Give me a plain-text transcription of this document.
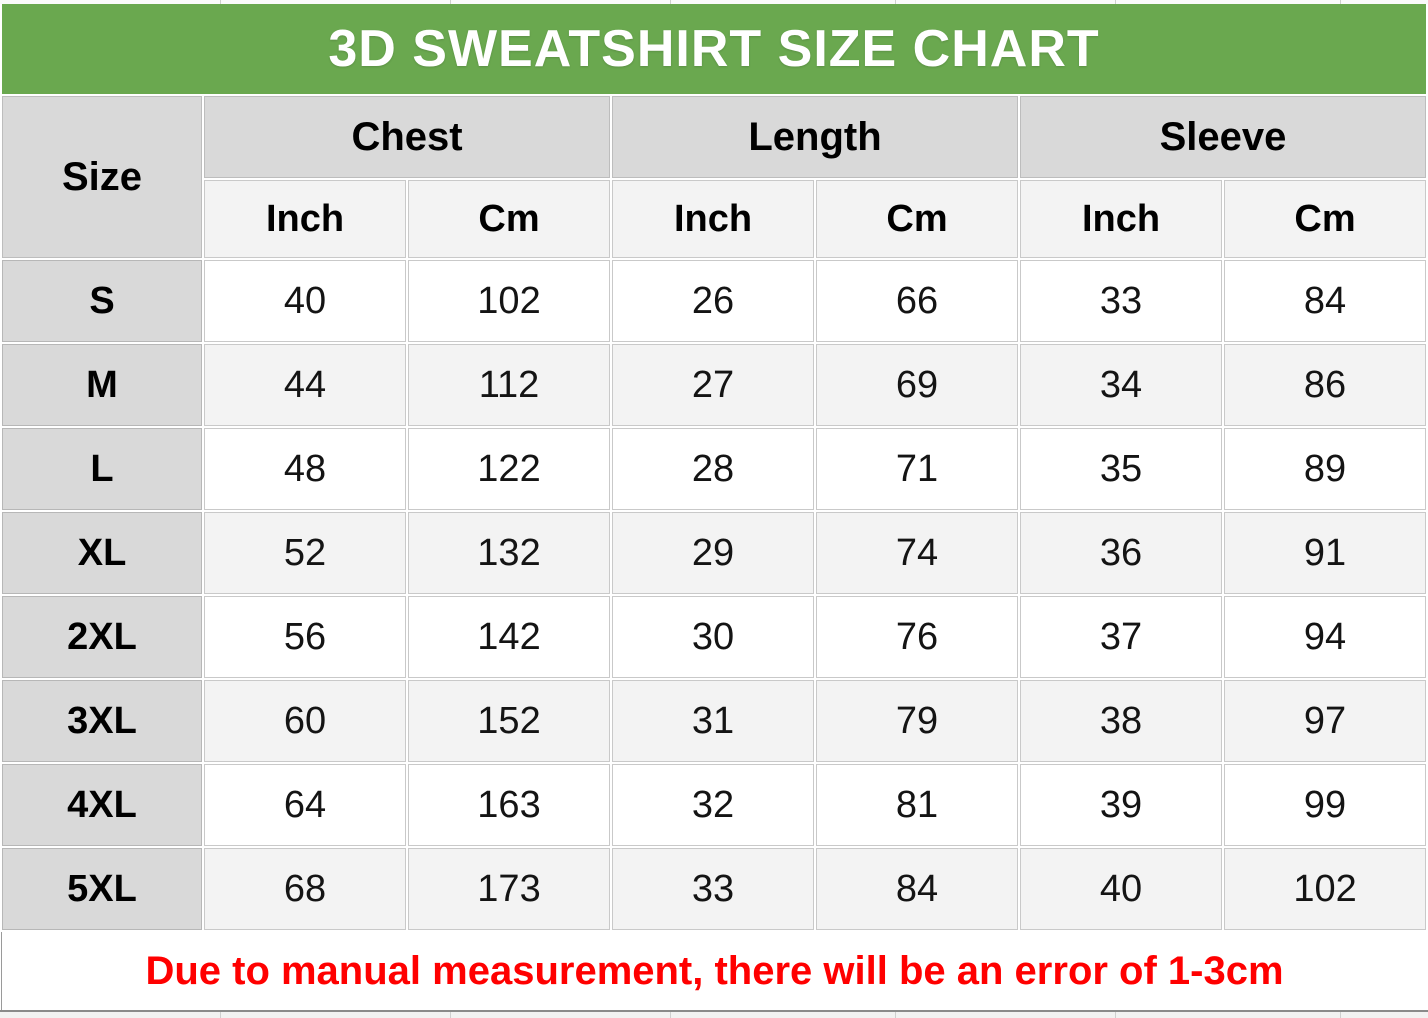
3D SWEATSHIRT SIZE CHART
Size	Chest		Length		Sleeve	
	Inch	Cm	Inch	Cm	Inch	Cm
S	40	102	26	66	33	84
M	44	112	27	69	34	86
L	48	122	28	71	35	89
XL	52	132	29	74	36	91
2XL	56	142	30	76	37	94
3XL	60	152	31	79	38	97
4XL	64	163	32	81	39	99
5XL	68	173	33	84	40	102
Due to manual measurement, there will be an error of 1-3cm
